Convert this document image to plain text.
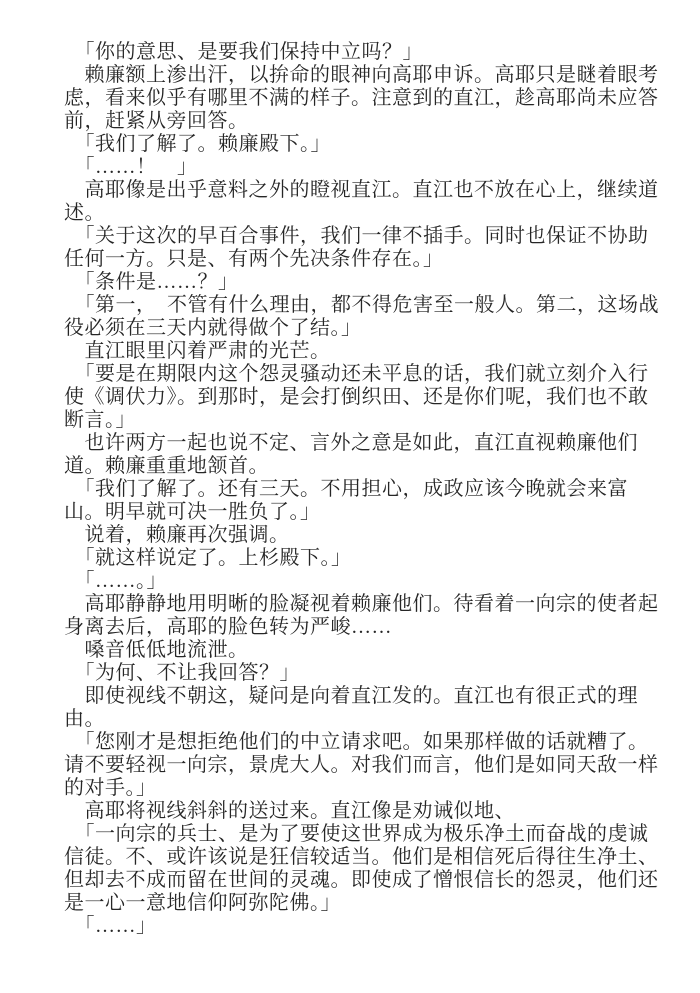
　「你的意思、是要我们保持中立吗？」

　赖廉额上渗出汗，以拚命的眼神向高耶申诉。高耶只是瞇着眼考
虑，看来似乎有哪里不满的样子。注意到的直江，趁高耶尚未应答
前，赶紧从旁回答。

　「我们了解了。赖廉殿下。」

　「……！　」

　高耶像是出乎意料之外的瞪视直江。直江也不放在心上，继续道
述。

　「关于这次的早百合事件，我们一律不插手。同时也保证不协助
任何一方。只是、有两个先决条件存在。」

　「条件是……？」

　「第一，　不管有什么理由，都不得危害至一般人。第二，这场战
役必须在三天内就得做个了结。」

　直江眼里闪着严肃的光芒。

　「要是在期限内这个怨灵骚动还未平息的话，我们就立刻介入行
使《调伏力》。到那时，是会打倒织田、还是你们呢，我们也不敢
断言。」

　也许两方一起也说不定、言外之意是如此，直江直视赖廉他们
道。赖廉重重地颔首。

　「我们了解了。还有三天。不用担心，成政应该今晚就会来富
山。明早就可决一胜负了。」

　说着，赖廉再次强调。

　「就这样说定了。上杉殿下。」

　「……。」

　高耶静静地用明晰的脸凝视着赖廉他们。待看着一向宗的使者起
身离去后，高耶的脸色转为严峻……

　嗓音低低地流泄。

　「为何、不让我回答？」

　即使视线不朝这，疑问是向着直江发的。直江也有很正式的理
由。

　「您刚才是想拒绝他们的中立请求吧。如果那样做的话就糟了。
请不要轻视一向宗，景虎大人。对我们而言，他们是如同天敌一样
的对手。」

　高耶将视线斜斜的送过来。直江像是劝诫似地、

　「一向宗的兵士、是为了要使这世界成为极乐净土而奋战的虔诚
信徒。不、或许该说是狂信较适当。他们是相信死后得往生净土、
但却去不成而留在世间的灵魂。即使成了憎恨信长的怨灵，他们还
是一心一意地信仰阿弥陀佛。」

　「……」
